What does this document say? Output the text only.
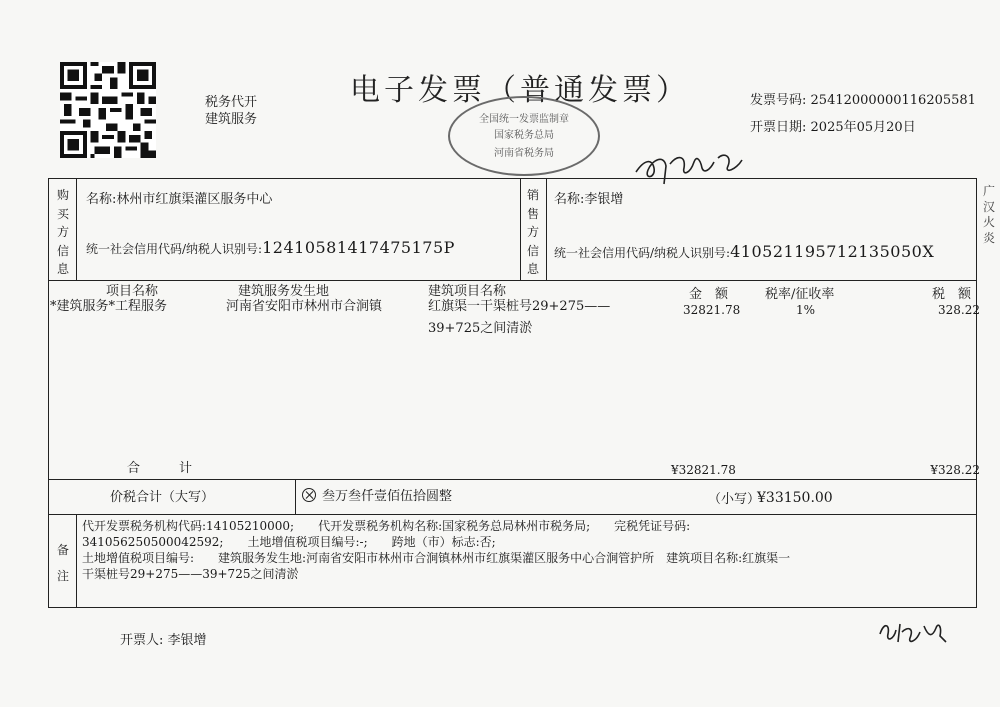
税务代开
建筑服务
电子发票（普通发票）
全国统一发票监制章
国家税务总局
河南省税务局
发票号码: 25412000000116205581
开票日期: 2025年05月20日
购买方信息
名称:林州市红旗渠灌区服务中心
统一社会信用代码/纳税人识别号:12410581417475175P
销售方信息
名称:李银增
统一社会信用代码/纳税人识别号:410521195712135050X
项目名称	建筑服务发生地	建筑项目名称	金　额	税率/征收率	税　额
*建筑服务*工程服务	河南省安阳市林州市合涧镇	红旗渠一干渠桩号29+275——
39+725之间清淤
32821.78	1%	328.22
合　　　计	¥32821.78	¥328.22
价税合计（大写）	叁万叁仟壹佰伍拾圆整	（小写）
¥33150.00
备注
代开发票税务机构代码:14105210000;　　代开发票税务机构名称:国家税务总局林州市税务局;　　完税凭证号码:
341056250500042592;　　土地增值税项目编号:-;　　跨地（市）标志:否;
土地增值税项目编号:　　建筑服务发生地:河南省安阳市林州市合涧镇林州市红旗渠灌区服务中心合涧管护所　建筑项目名称:红旗渠一
干渠桩号29+275——39+725之间清淤
广汉火炎
开票人: 李银增
